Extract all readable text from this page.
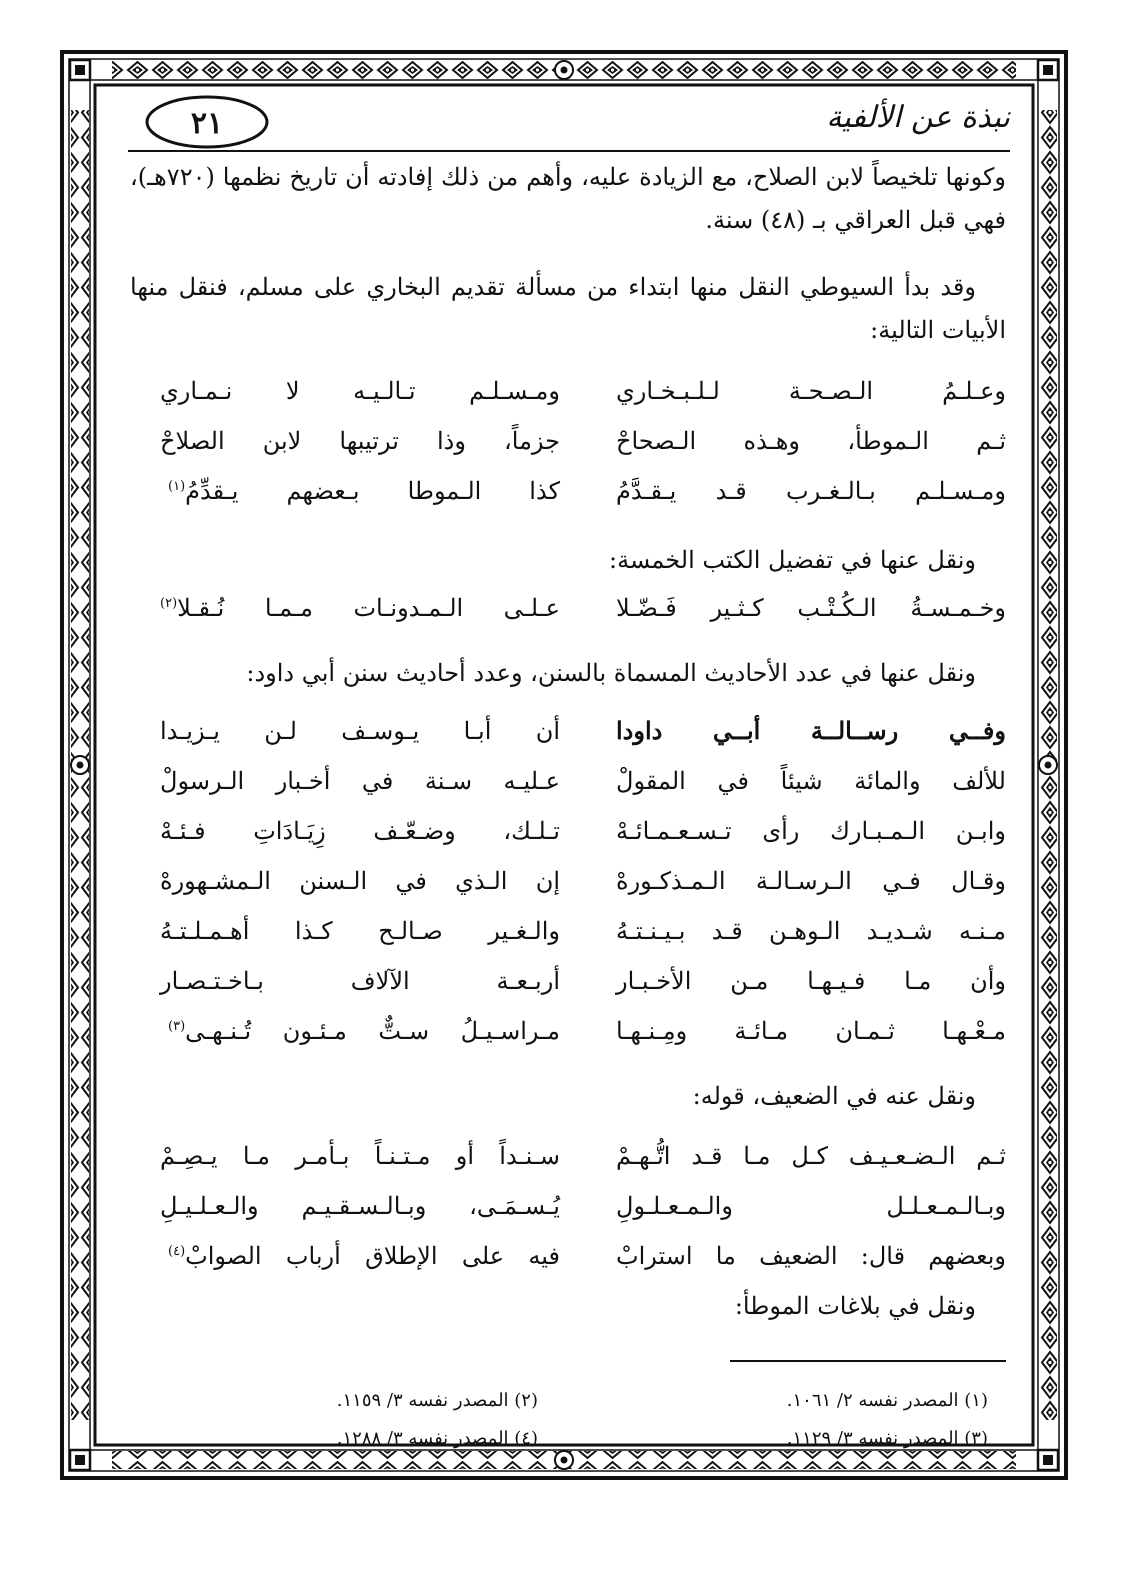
نبذة عن الألفية
٢١
وكونها تلخيصاً لابن الصلاح، مع الزيادة عليه، وأهم من ذلك إفادته أن تاريخ نظمها (٧٢٠هـ)، فهي قبل العراقي بـ (٤٨) سنة.
وقد بدأ السيوطي النقل منها ابتداء من مسألة تقديم البخاري على مسلم، فنقل منها الأبيات التالية:
وعـلـمُ الـصـحـة لـلـبـخـاري
ومـسـلـم تـالـيـه لا نـمـاري
ثـم الـموطأ، وهـذه الـصحاحْ
جزماً، وذا ترتيبها لابن الصلاحْ
ومـسـلـم بـالـغـرب قـد يـقـدَّمُ
كذا الـموطا بـعضهم يـقدِّمُ$^{(١)}$
ونقل عنها في تفضيل الكتب الخمسة:
وخـمـسـةُ الـكُـتْـب كـثـير فَـضّـلا
عـلـى الـمـدونـات مـمـا نُـقـلا$^{(٢)}$
ونقل عنها في عدد الأحاديث المسماة بالسنن، وعدد أحاديث سنن أبي داود:
وفــي رســالــة أبــي داودا
أن أبـا يـوسـف لـن يـزيـدا
للألف والمائة شيئاً في المقولْ
عـليـه سـنة في أخـبار الـرسولْ
وابـن الـمـبـارك رأى تـسـعـمـائـهْ
تـلـك، وضـعّـف زِيَـادَاتِ فـئـهْ
وقـال فـي الـرسـالـة الـمـذكـورهْ
إن الـذي في الـسنن الـمشـهورهْ
مـنـه شـديـد الـوهـن قـد بـيـنـتـهُ
والـغـير صـالـح كـذا أهـمـلـتـهُ
وأن مـا فـيـهـا مـن الأخـبـار
أربـعـة الآلاف بـاخـتـصـار
مـعْـهـا ثـمـان مـائـة ومِـنـهـا
مـراسـيـلُ سـتٌّ مـئـون تُـنـهـى$^{(٣)}$
ونقل عنه في الضعيف، قوله:
ثـم الـضـعـيـف كـل مـا قـد اتُّـهـمْ
سـنـداً أو مـتـنـاً بـأمـر مـا يـصِـمْ
وبـالـمـعـلـل والـمـعـلـولِ
يُـسـمَـى، وبـالـسـقـيـم والـعـلـيـلِ
وبعضهم قال: الضعيف ما استرابْ
فيه على الإطلاق أرباب الصوابْ$^{(٤)}$
ونقل في بلاغات الموطأ:
(١) المصدر نفسه ٢/ ١٠٦١.
(٢) المصدر نفسه ٣/ ١١٥٩.
(٣) المصدر نفسه ٣/ ١١٢٩.
(٤) المصدر نفسه ٣/ ١٢٨٨.
